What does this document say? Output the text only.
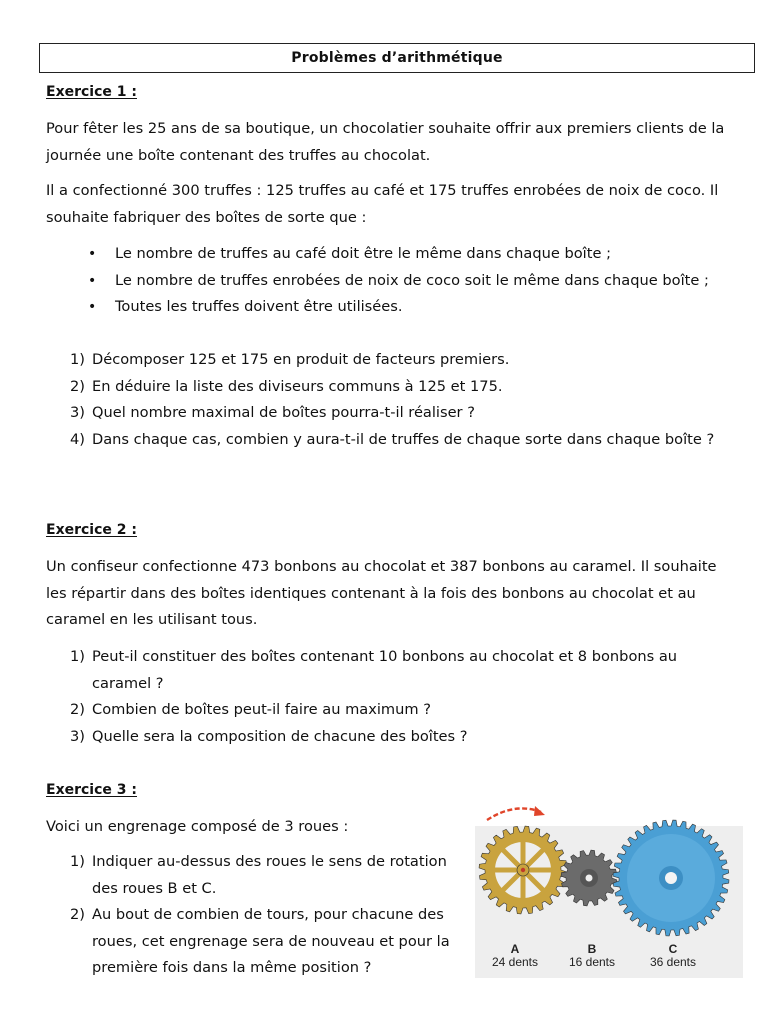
Problèmes d’arithmétique
Exercice 1 :

Pour fêter les 25 ans de sa boutique, un chocolatier souhaite offrir aux premiers clients de la journée une boîte contenant des truffes au chocolat.

Il a confectionné 300 truffes : 125 truffes au café et 175 truffes enrobées de noix de coco. Il souhaite fabriquer des boîtes de sorte que :

• Le nombre de truffes au café doit être le même dans chaque boîte ;
• Le nombre de truffes enrobées de noix de coco soit le même dans chaque boîte ;
• Toutes les truffes doivent être utilisées.
1) Décomposer 125 et 175 en produit de facteurs premiers.
2) En déduire la liste des diviseurs communs à 125 et 175.
3) Quel nombre maximal de boîtes pourra-t-il réaliser ?
4) Dans chaque cas, combien y aura-t-il de truffes de chaque sorte dans chaque boîte ?
Exercice 2 :

Un confiseur confectionne 473 bonbons au chocolat et 387 bonbons au caramel. Il souhaite les répartir dans des boîtes identiques contenant à la fois des bonbons au chocolat et au caramel en les utilisant tous.

1) Peut-il constituer des boîtes contenant 10 bonbons au chocolat et 8 bonbons au caramel ?
2) Combien de boîtes peut-il faire au maximum ?
3) Quelle sera la composition de chacune des boîtes ?
Exercice 3 :

Voici un engrenage composé de 3 roues :

1) Indiquer au-dessus des roues le sens de rotation des roues B et C.
2) Au bout de combien de tours, pour chacune des roues, cet engrenage sera de nouveau et pour la première fois dans la même position ?
A
24 dents
B
16 dents
C
36 dents
